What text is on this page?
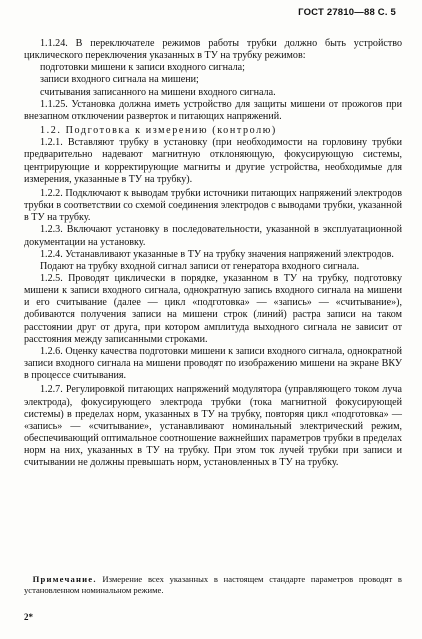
ГОСТ 27810—88 С. 5

1.1.24. В переключателе режимов работы трубки должно быть устройство циклического переключения указанных в ТУ на трубку режимов:

подготовки мишени к записи входного сигнала;

записи входного сигнала на мишени;

считывания записанного на мишени входного сигнала.

1.1.25. Установка должна иметь устройство для защиты мишени от прожогов при внезапном отключении разверток и питающих напряжений.

1.2. Подготовка к измерению (контролю)

1.2.1. Вставляют трубку в установку (при необходимости на горловину трубки предварительно надевают магнитную отклоняющую, фокусирующую системы, центрирующие и корректирующие магниты и другие устройства, необходимые для измерения, указанные в ТУ на трубку).

1.2.2. Подключают к выводам трубки источники питающих напряжений электродов трубки в соответствии со схемой соединения электродов с выводами трубки, указанной в ТУ на трубку.

1.2.3. Включают установку в последовательности, указанной в эксплуатационной документации на установку.

1.2.4. Устанавливают указанные в ТУ на трубку значения напряжений электродов.

Подают на трубку входной сигнал записи от генератора входного сигнала.

1.2.5. Проводят циклически в порядке, указанном в ТУ на трубку, подготовку мишени к записи входного сигнала, однократную запись входного сигнала на мишени и его считывание (далее — цикл «подготовка» — «запись» — «считывание»), добиваются получения записи на мишени строк (линий) растра записи на таком расстоянии друг от друга, при котором амплитуда выходного сигнала не зависит от расстояния между записанными строками.

1.2.6. Оценку качества подготовки мишени к записи входного сигнала, однократной записи входного сигнала на мишени проводят по изображению мишени на экране ВКУ в процессе считывания.

1.2.7. Регулировкой питающих напряжений модулятора (управляющего током луча электрода), фокусирующего электрода трубки (тока магнитной фокусирующей системы) в пределах норм, указанных в ТУ на трубку, повторяя цикл «подготовка» — «запись» — «считывание», устанавливают номинальный электрический режим, обеспечивающий оптимальное соотношение важнейших параметров трубки в пределах норм на них, указанных в ТУ на трубку. При этом ток лучей трубки при записи и считывании не должны превышать норм, установленных в ТУ на трубку.

 Примечание. Измерение всех указанных в настоящем стандарте параметров проводят в установленном номинальном режиме.
2*
